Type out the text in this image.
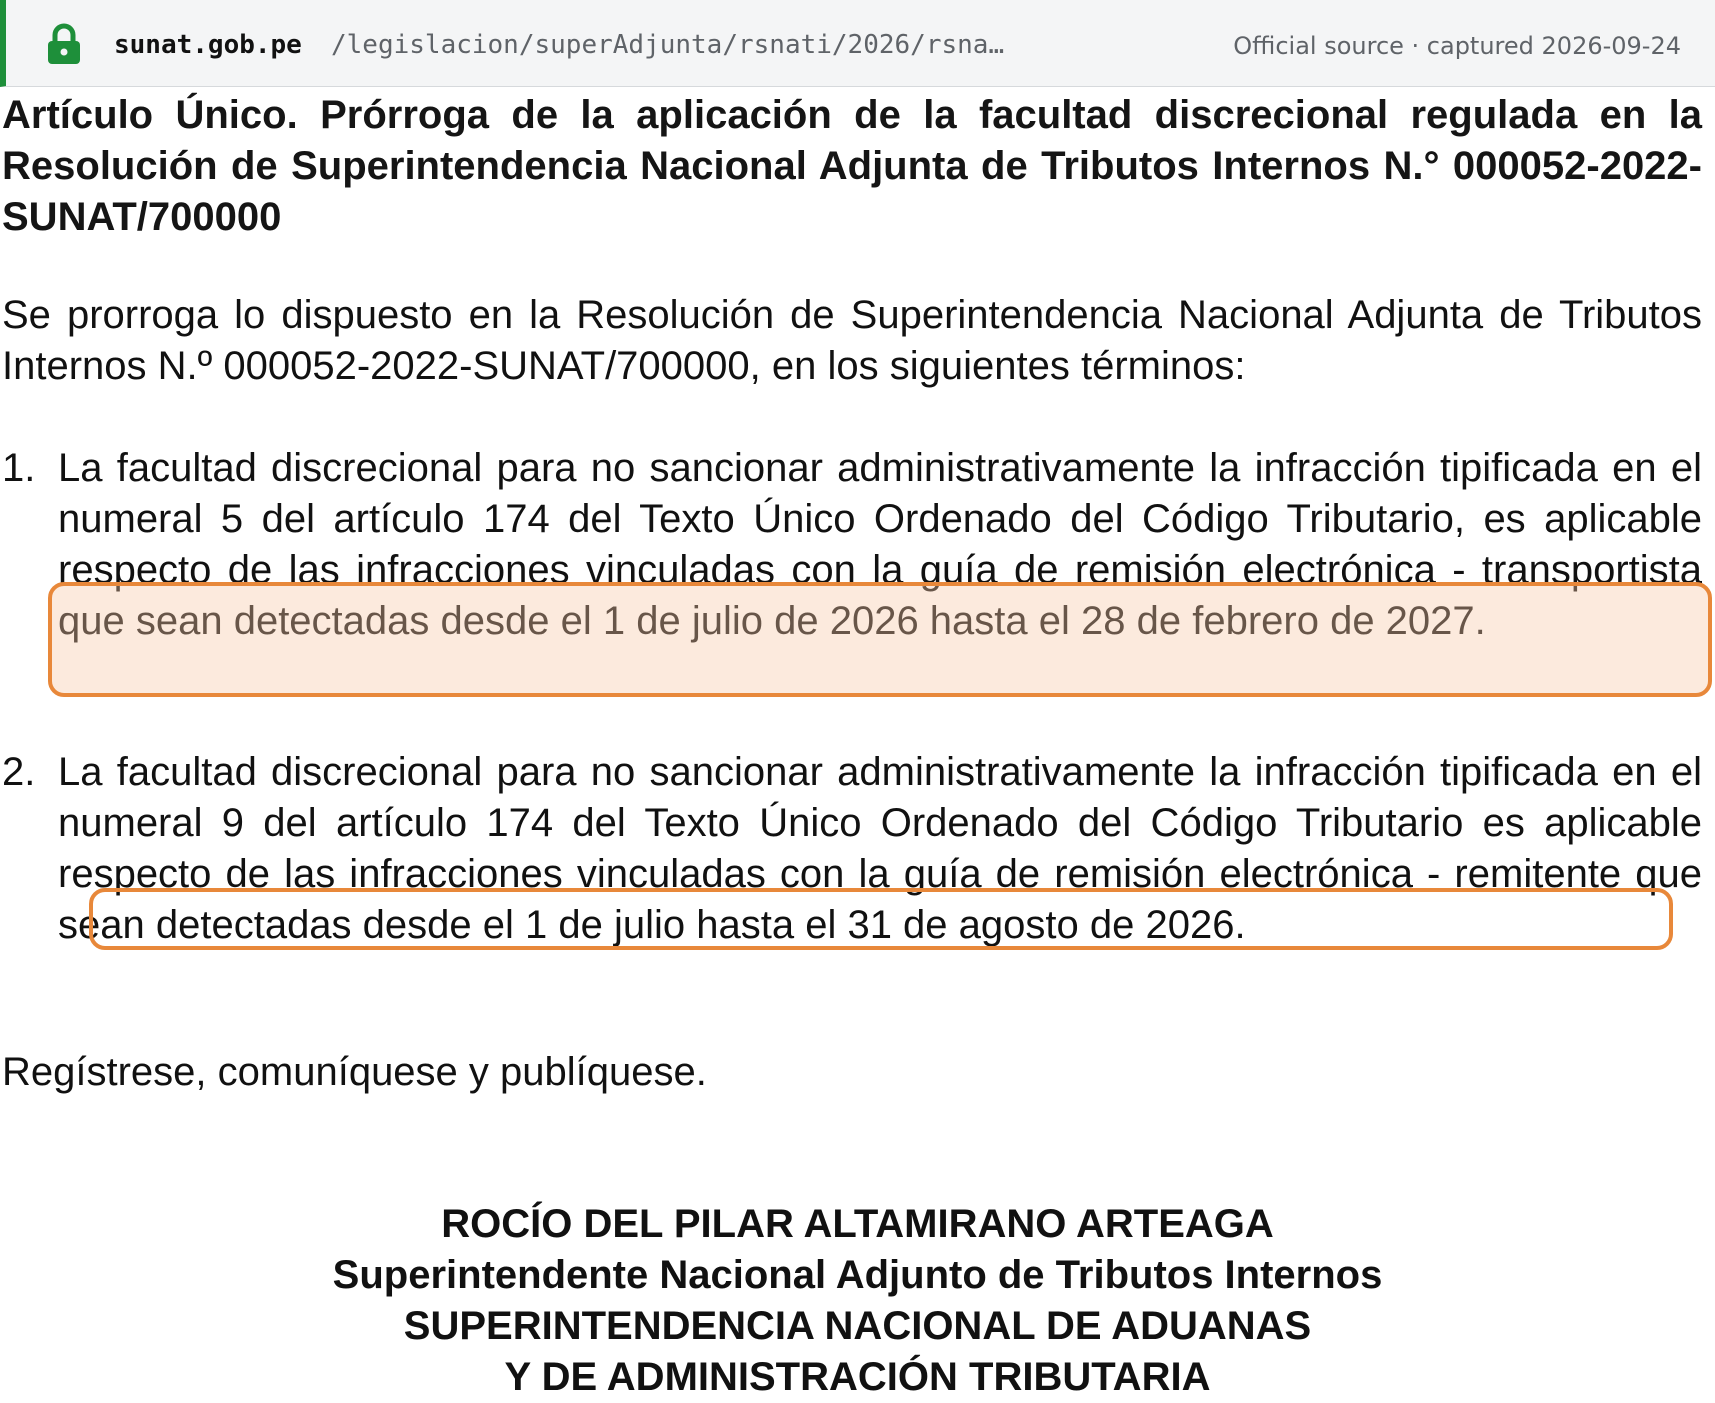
sunat.gob.pe /legislacion/superAdjunta/rsnati/2026/rsna…	Official source · captured 2026-09-24
Artículo Único. Prórroga de la aplicación de la facultad discrecional regulada en la Resolución de Superintendencia Nacional Adjunta de Tributos Internos N.° 000052-2022-SUNAT/700000
Se prorroga lo dispuesto en la Resolución de Superintendencia Nacional Adjunta de Tributos Internos N.º 000052-2022-SUNAT/700000, en los siguientes términos:
1. La facultad discrecional para no sancionar administrativamente la infracción tipificada en el numeral 5 del artículo 174 del Texto Único Ordenado del Código Tributario, es aplicable respecto de las infracciones vinculadas con la guía de remisión electrónica - transportista que sean detectadas desde el 1 de julio de 2026 hasta el 28 de febrero de 2027.
2. La facultad discrecional para no sancionar administrativamente la infracción tipificada en el numeral 9 del artículo 174 del Texto Único Ordenado del Código Tributario es aplicable respecto de las infracciones vinculadas con la guía de remisión electrónica - remitente que sean detectadas desde el 1 de julio hasta el 31 de agosto de 2026.
Regístrese, comuníquese y publíquese.
ROCÍO DEL PILAR ALTAMIRANO ARTEAGA
Superintendente Nacional Adjunto de Tributos Internos
SUPERINTENDENCIA NACIONAL DE ADUANAS
Y DE ADMINISTRACIÓN TRIBUTARIA
